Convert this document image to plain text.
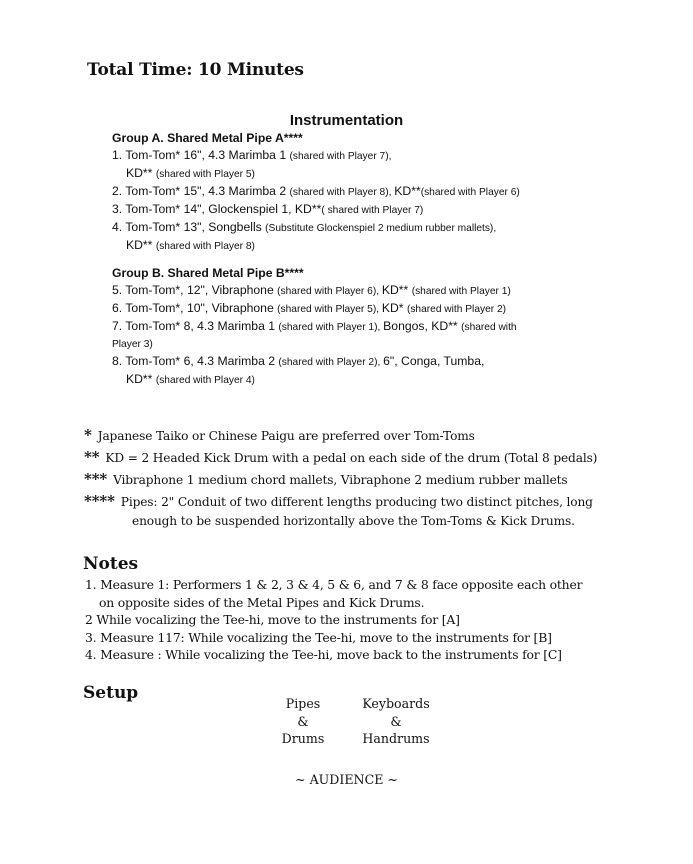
Total Time: 10 Minutes
Instrumentation
Group A. Shared Metal Pipe A****
1. Tom-Tom* 16", 4.3 Marimba 1 (shared with Player 7),
KD** (shared with Player 5)
2. Tom-Tom* 15", 4.3 Marimba 2 (shared with Player 8), KD**(shared with Player 6)
3. Tom-Tom* 14", Glockenspiel 1, KD**( shared with Player 7)
4. Tom-Tom* 13", Songbells (Substitute Glockenspiel 2 medium rubber mallets),
KD** (shared with Player 8)
Group B. Shared Metal Pipe B****
5. Tom-Tom*, 12", Vibraphone (shared with Player 6), KD** (shared with Player 1)
6. Tom-Tom*, 10", Vibraphone (shared with Player 5), KD* (shared with Player 2)
7. Tom-Tom* 8, 4.3 Marimba 1 (shared with Player 1), Bongos, KD** (shared with
Player 3)
8. Tom-Tom* 6, 4.3 Marimba 2 (shared with Player 2), 6", Conga, Tumba,
KD** (shared with Player 4)
* Japanese Taiko or Chinese Paigu are preferred over Tom-Toms
** KD = 2 Headed Kick Drum with a pedal on each side of the drum (Total 8 pedals)
*** Vibraphone 1 medium chord mallets, Vibraphone 2 medium rubber mallets
**** Pipes: 2" Conduit of two different lengths producing two distinct pitches, long
enough to be suspended horizontally above the Tom-Toms & Kick Drums.
Notes
1. Measure 1: Performers 1 & 2, 3 & 4, 5 & 6, and 7 & 8 face opposite each other
on opposite sides of the Metal Pipes and Kick Drums.
2 While vocalizing the Tee-hi, move to the instruments for [A]
3. Measure 117: While vocalizing the Tee-hi, move to the instruments for [B]
4. Measure : While vocalizing the Tee-hi, move back to the instruments for [C]
Setup
Pipes
&
Drums
Keyboards
&
Handrums
~ AUDIENCE ~
